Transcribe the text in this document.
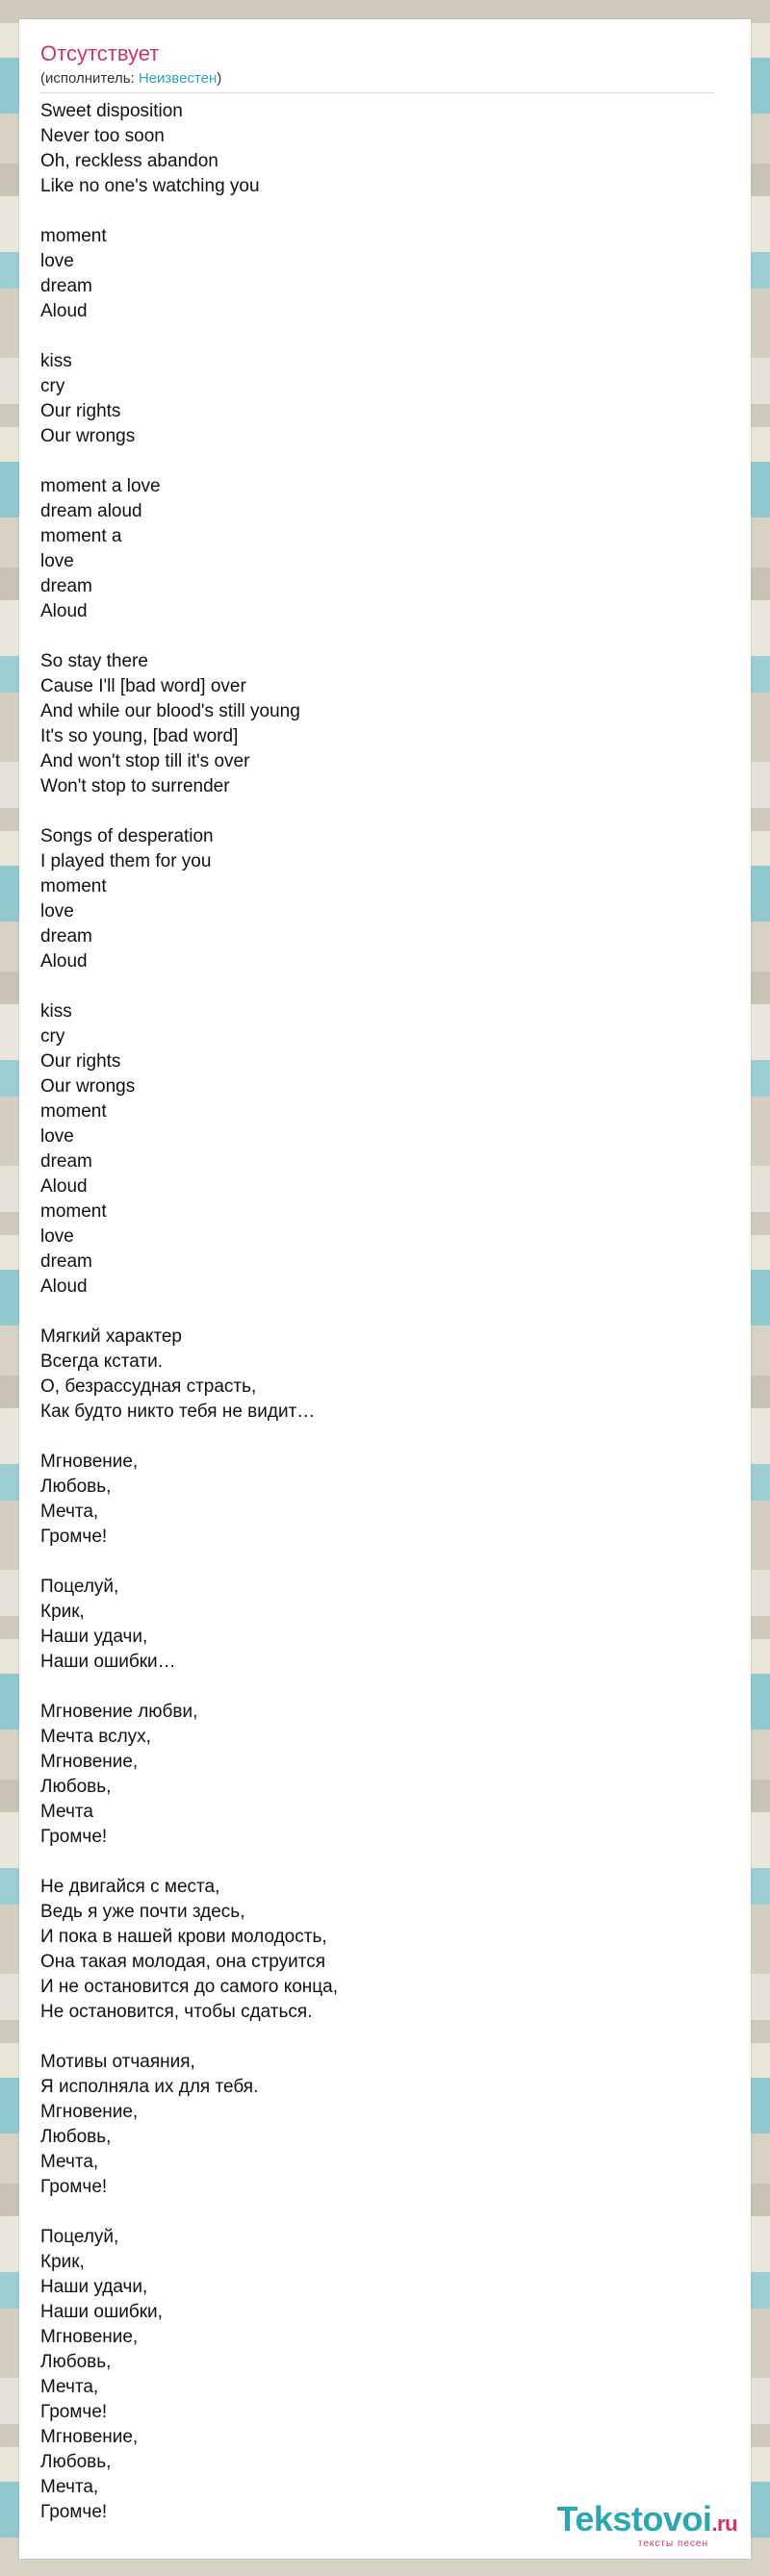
Отсутствует
(исполнитель: Неизвестен)
Sweet disposition
Never too soon
Oh, reckless abandon
Like no one's watching you
moment
love
dream
Aloud
kiss
cry
Our rights
Our wrongs
moment a love
dream aloud
moment a
love
dream
Aloud
So stay there
Cause I'll [bad word] over
And while our blood's still young
It's so young, [bad word]
And won't stop till it's over
Won't stop to surrender
Songs of desperation
I played them for you
moment
love
dream
Aloud
kiss
cry
Our rights
Our wrongs
moment
love
dream
Aloud
moment
love
dream
Aloud
Мягкий характер
Всегда кстати.
О, безрассудная страсть,
Как будто никто тебя не видит…
Мгновение,
Любовь,
Мечта,
Громче!
Поцелуй,
Крик,
Наши удачи,
Наши ошибки…
Мгновение любви,
Мечта вслух,
Мгновение,
Любовь,
Мечта
Громче!
Не двигайся с места,
Ведь я уже почти здесь,
И пока в нашей крови молодость,
Она такая молодая, она струится
И не остановится до самого конца,
Не остановится, чтобы сдаться.
Мотивы отчаяния,
Я исполняла их для тебя.
Мгновение,
Любовь,
Мечта,
Громче!
Поцелуй,
Крик,
Наши удачи,
Наши ошибки,
Мгновение,
Любовь,
Мечта,
Громче!
Мгновение,
Любовь,
Мечта,
Громче!	Tekstovoi.ru
тексты песен
